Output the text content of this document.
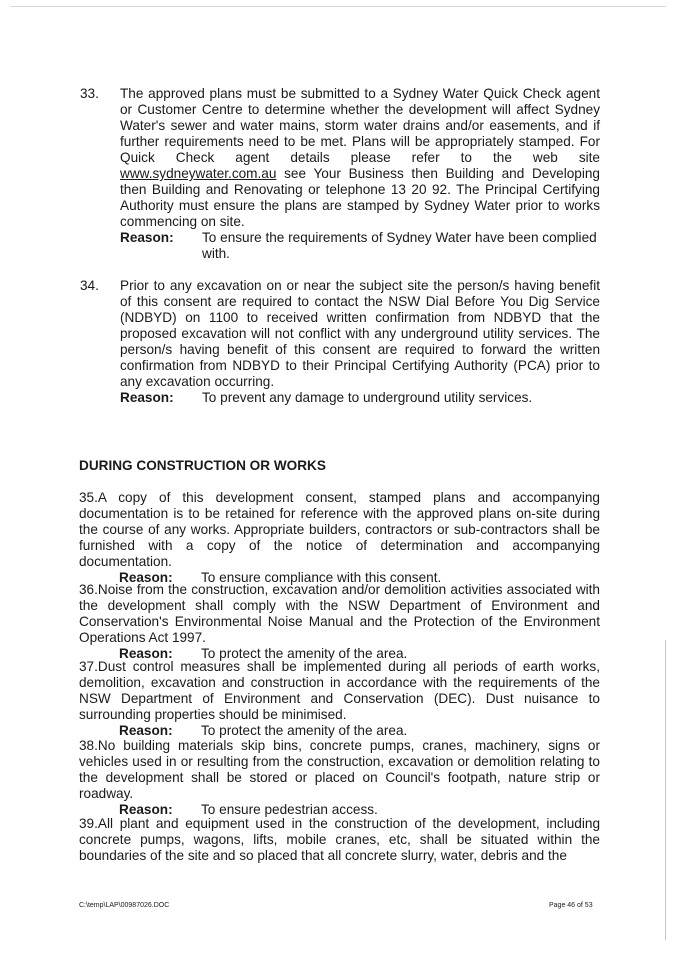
33.	The approved plans must be submitted to a Sydney Water Quick Check agent or Customer Centre to determine whether the development will affect Sydney Water's sewer and water mains, storm water drains and/or easements, and if further requirements need to be met. Plans will be appropriately stamped. For Quick Check agent details please refer to the web site www.sydneywater.com.au see Your Business then Building and Developing then Building and Renovating or telephone 13 20 92. The Principal Certifying Authority must ensure the plans are stamped by Sydney Water prior to works commencing on site.
Reason:	To ensure the requirements of Sydney Water have been complied with.
34.	Prior to any excavation on or near the subject site the person/s having benefit of this consent are required to contact the NSW Dial Before You Dig Service (NDBYD) on 1100 to received written confirmation from NDBYD that the proposed excavation will not conflict with any underground utility services. The person/s having benefit of this consent are required to forward the written confirmation from NDBYD to their Principal Certifying Authority (PCA) prior to any excavation occurring.
Reason:	To prevent any damage to underground utility services.
DURING CONSTRUCTION OR WORKS
35.A copy of this development consent, stamped plans and accompanying documentation is to be retained for reference with the approved plans on-site during the course of any works. Appropriate builders, contractors or sub-contractors shall be furnished with a copy of the notice of determination and accompanying documentation.
Reason:	To ensure compliance with this consent.
36.Noise from the construction, excavation and/or demolition activities associated with the development shall comply with the NSW Department of Environment and Conservation's Environmental Noise Manual and the Protection of the Environment Operations Act 1997.
Reason:	To protect the amenity of the area.
37.Dust control measures shall be implemented during all periods of earth works, demolition, excavation and construction in accordance with the requirements of the NSW Department of Environment and Conservation (DEC). Dust nuisance to surrounding properties should be minimised.
Reason:	To protect the amenity of the area.
38.No building materials skip bins, concrete pumps, cranes, machinery, signs or vehicles used in or resulting from the construction, excavation or demolition relating to the development shall be stored or placed on Council's footpath, nature strip or roadway.
Reason:	To ensure pedestrian access.
39.All plant and equipment used in the construction of the development, including concrete pumps, wagons, lifts, mobile cranes, etc, shall be situated within the boundaries of the site and so placed that all concrete slurry, water, debris and the
C:\temp\LAP\00987026.DOC	Page 46 of 53
